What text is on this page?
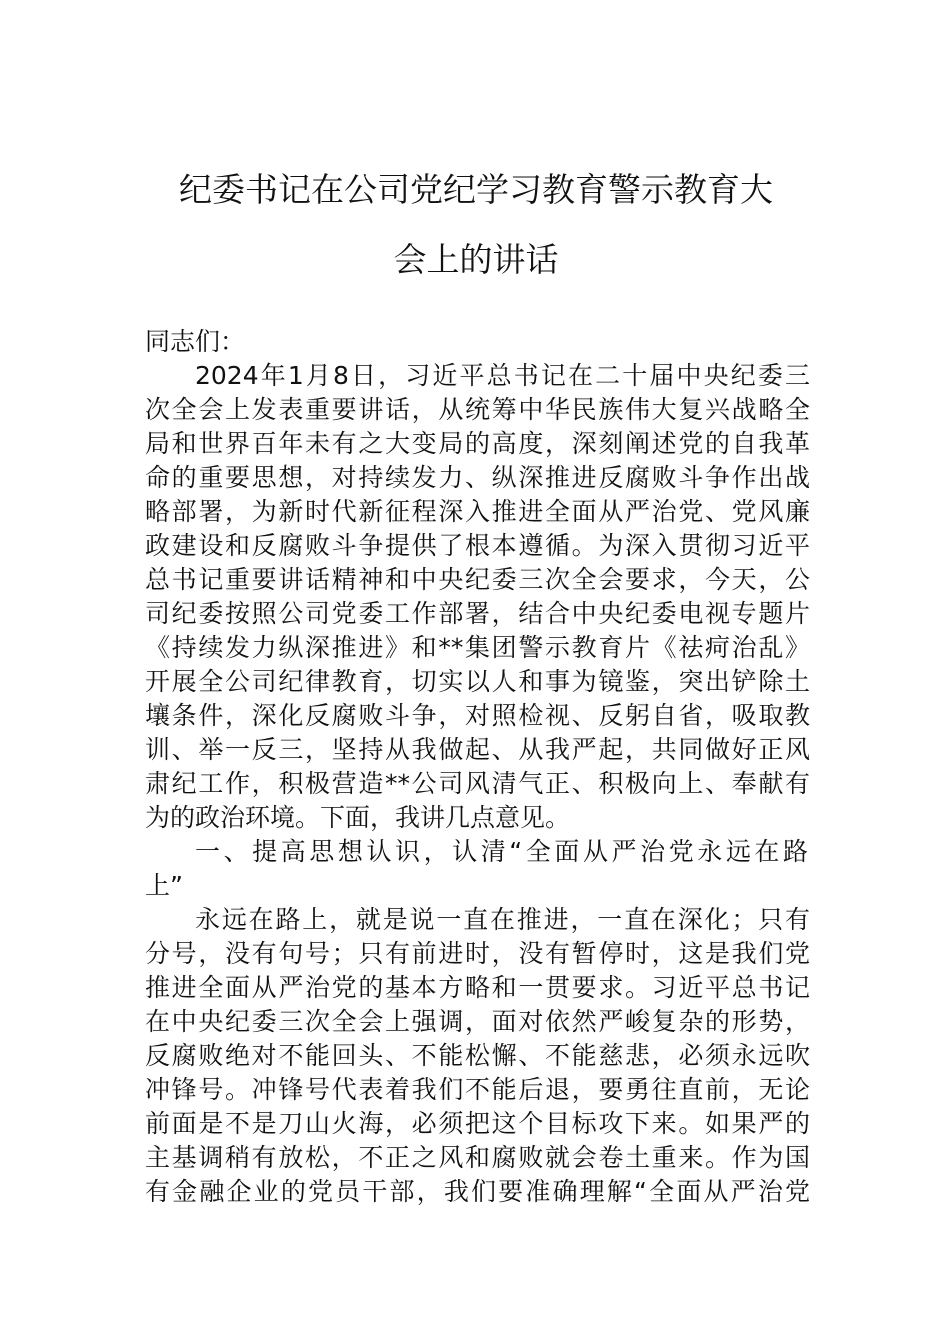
纪委书记在公司党纪学习教育警示教育大
会上的讲话
同志们：
2024年1月8日，习近平总书记在二十届中央纪委三
次全会上发表重要讲话，从统筹中华民族伟大复兴战略全
局和世界百年未有之大变局的高度，深刻阐述党的自我革
命的重要思想，对持续发力、纵深推进反腐败斗争作出战
略部署，为新时代新征程深入推进全面从严治党、党风廉
政建设和反腐败斗争提供了根本遵循。为深入贯彻习近平
总书记重要讲话精神和中央纪委三次全会要求，今天，公
司纪委按照公司党委工作部署，结合中央纪委电视专题片
《持续发力纵深推进》和**集团警示教育片《祛疴治乱》
开展全公司纪律教育，切实以人和事为镜鉴，突出铲除土
壤条件，深化反腐败斗争，对照检视、反躬自省，吸取教
训、举一反三，坚持从我做起、从我严起，共同做好正风
肃纪工作，积极营造**公司风清气正、积极向上、奉献有
为的政治环境。下面，我讲几点意见。
一、提高思想认识，认清“全面从严治党永远在路
上”
永远在路上，就是说一直在推进，一直在深化；只有
分号，没有句号；只有前进时，没有暂停时，这是我们党
推进全面从严治党的基本方略和一贯要求。习近平总书记
在中央纪委三次全会上强调，面对依然严峻复杂的形势，
反腐败绝对不能回头、不能松懈、不能慈悲，必须永远吹
冲锋号。冲锋号代表着我们不能后退，要勇往直前，无论
前面是不是刀山火海，必须把这个目标攻下来。如果严的
主基调稍有放松，不正之风和腐败就会卷土重来。作为国
有金融企业的党员干部，我们要准确理解“全面从严治党
